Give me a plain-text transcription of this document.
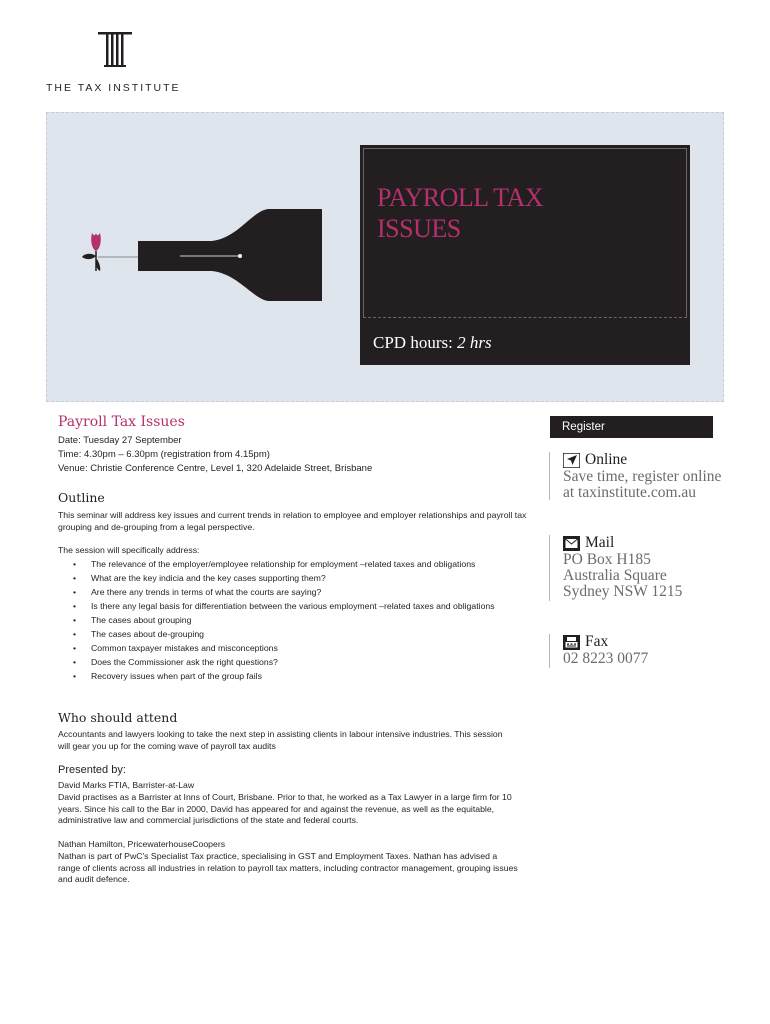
THE TAX INSTITUTE
PAYROLL TAX ISSUES
CPD hours: 2 hrs
Payroll Tax Issues
Date: Tuesday 27 September
Time: 4.30pm – 6.30pm (registration from 4.15pm)
Venue: Christie Conference Centre, Level 1, 320 Adelaide Street, Brisbane
Outline
This seminar will address key issues and current trends in relation to employee and employer relationships and payroll tax grouping and de-grouping from a legal perspective.
The session will specifically address:
• The relevance of the employer/employee relationship for employment –related taxes and obligations
• What are the key indicia and the key cases supporting them?
• Are there any trends in terms of what the courts are saying?
• Is there any legal basis for differentiation between the various employment –related taxes and obligations
• The cases about grouping
• The cases about de-grouping
• Common taxpayer mistakes and misconceptions
• Does the Commissioner ask the right questions?
• Recovery issues when part of the group fails
Who should attend
Accountants and lawyers looking to take the next step in assisting clients in labour intensive industries. This session will gear you up for the coming wave of payroll tax audits
Presented by:
David Marks FTIA, Barrister-at-Law
David practises as a Barrister at Inns of Court, Brisbane. Prior to that, he worked as a Tax Lawyer in a large firm for 10 years. Since his call to the Bar in 2000, David has appeared for and against the revenue, as well as the equitable, administrative law and commercial jurisdictions of the state and federal courts.
Nathan Hamilton, PricewaterhouseCoopers
Nathan is part of PwC's Specialist Tax practice, specialising in GST and Employment Taxes. Nathan has advised a range of clients across all industries in relation to payroll tax matters, including contractor management, grouping issues and audit defence.
Register
Online
Save time, register online
at taxinstitute.com.au
Mail
PO Box H185
Australia Square
Sydney NSW 1215
Fax
02 8223 0077
